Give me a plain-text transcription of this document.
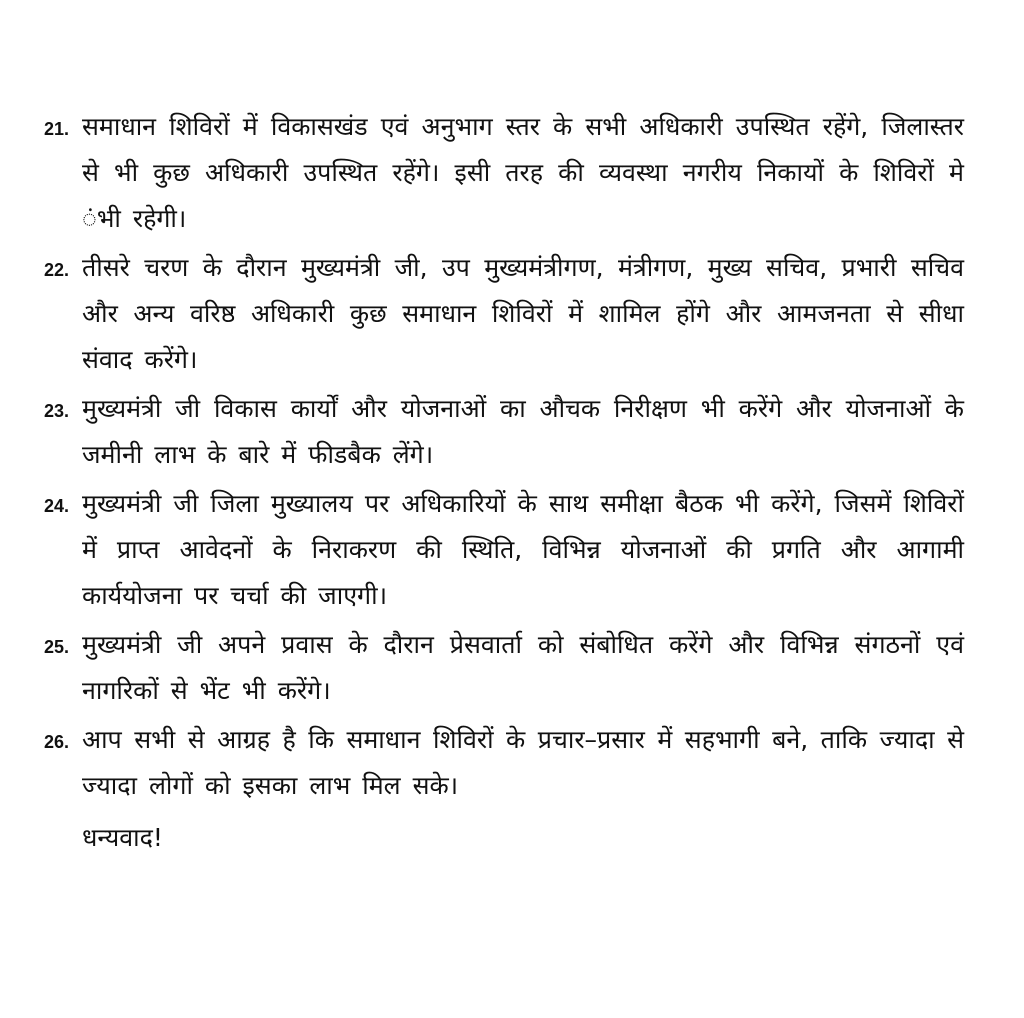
21. समाधान शिविरों में विकासखंड एवं अनुभाग स्तर के सभी अधिकारी उपस्थित रहेंगे, जिलास्तर से भी कुछ अधिकारी उपस्थित रहेंगे। इसी तरह की व्यवस्था नगरीय निकायों के शिविरों मे ंभी रहेगी।
22. तीसरे चरण के दौरान मुख्यमंत्री जी, उप मुख्यमंत्रीगण, मंत्रीगण, मुख्य सचिव, प्रभारी सचिव और अन्य वरिष्ठ अधिकारी कुछ समाधान शिविरों में शामिल होंगे और आमजनता से सीधा संवाद करेंगे।
23. मुख्यमंत्री जी विकास कार्यों और योजनाओं का औचक निरीक्षण भी करेंगे और योजनाओं के जमीनी लाभ के बारे में फीडबैक लेंगे।
24. मुख्यमंत्री जी जिला मुख्यालय पर अधिकारियों के साथ समीक्षा बैठक भी करेंगे, जिसमें शिविरों में प्राप्त आवेदनों के निराकरण की स्थिति, विभिन्न योजनाओं की प्रगति और आगामी कार्ययोजना पर चर्चा की जाएगी।
25. मुख्यमंत्री जी अपने प्रवास के दौरान प्रेसवार्ता को संबोधित करेंगे और विभिन्न संगठनों एवं नागरिकों से भेंट भी करेंगे।
26. आप सभी से आग्रह है कि समाधान शिविरों के प्रचार–प्रसार में सहभागी बने, ताकि ज्यादा से ज्यादा लोगों को इसका लाभ मिल सके।
धन्यवाद!
